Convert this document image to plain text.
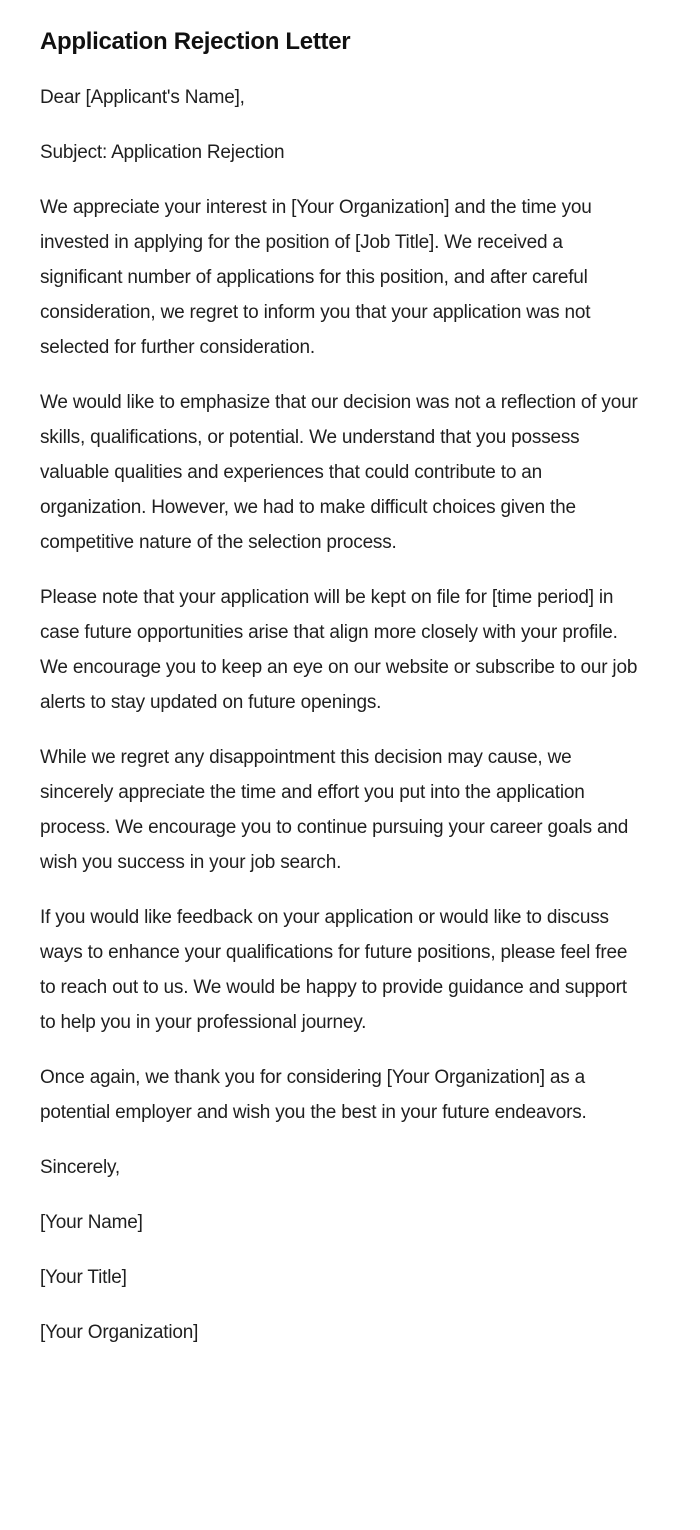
Application Rejection Letter

Dear [Applicant's Name],

Subject: Application Rejection

We appreciate your interest in [Your Organization] and the time you invested in applying for the position of [Job Title]. We received a significant number of applications for this position, and after careful consideration, we regret to inform you that your application was not selected for further consideration.

We would like to emphasize that our decision was not a reflection of your skills, qualifications, or potential. We understand that you possess valuable qualities and experiences that could contribute to an organization. However, we had to make difficult choices given the competitive nature of the selection process.

Please note that your application will be kept on file for [time period] in case future opportunities arise that align more closely with your profile. We encourage you to keep an eye on our website or subscribe to our job alerts to stay updated on future openings.

While we regret any disappointment this decision may cause, we sincerely appreciate the time and effort you put into the application process. We encourage you to continue pursuing your career goals and wish you success in your job search.

If you would like feedback on your application or would like to discuss ways to enhance your qualifications for future positions, please feel free to reach out to us. We would be happy to provide guidance and support to help you in your professional journey.

Once again, we thank you for considering [Your Organization] as a potential employer and wish you the best in your future endeavors.

Sincerely,

[Your Name]

[Your Title]

[Your Organization]
